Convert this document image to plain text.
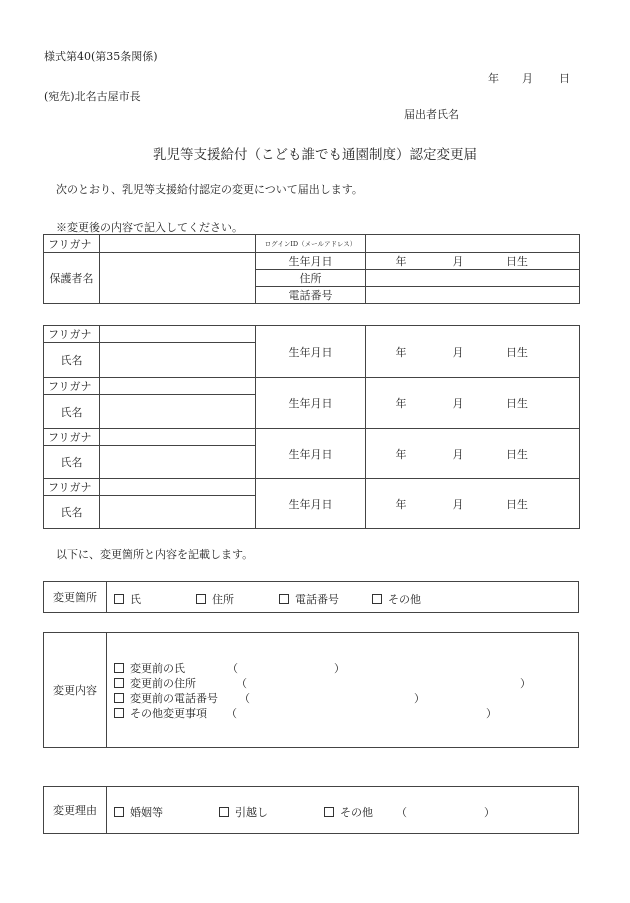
様式第40(第35条関係)
年 月 日
(宛先)北名古屋市長
届出者氏名
乳児等支援給付（こども誰でも通園制度）認定変更届
次のとおり、乳児等支援給付認定の変更について届出します。
※変更後の内容で記入してください。
フリガナ		ログインID（メールアドレス）	
保護者名		生年月日	年 月 日生
		住所	
		電話番号	
フリガナ		生年月日	年 月 日生
氏名			
フリガナ		生年月日	年 月 日生
氏名			
フリガナ		生年月日	年 月 日生
氏名			
フリガナ		生年月日	年 月 日生
氏名			
以下に、変更箇所と内容を記載します。
変更箇所	氏	住所	電話番号	その他
変更内容
変更前の氏	（	）
変更前の住所	（	）
変更前の電話番号 （	）
その他変更事項 （	）
変更理由	婚姻等	引越し	その他 （	）
